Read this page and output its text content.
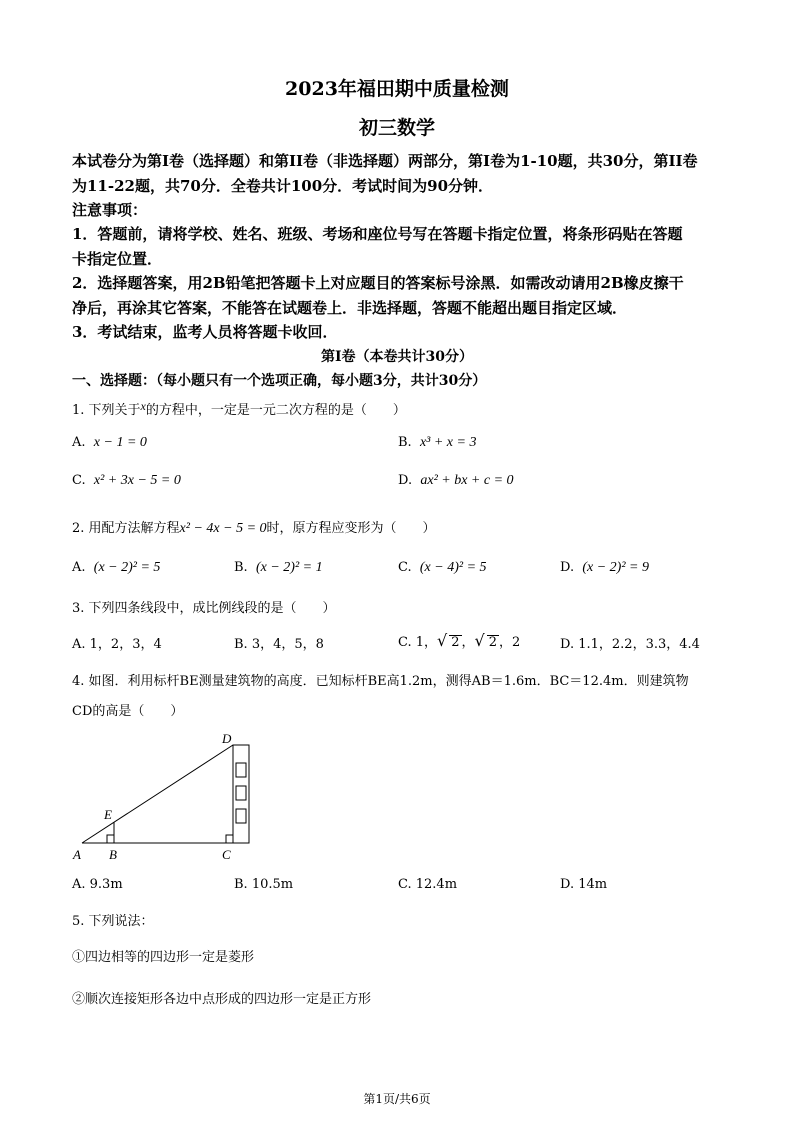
2023年福田期中质量检测
初三数学
本试卷分为第I卷（选择题）和第II卷（非选择题）两部分，第I卷为1-10题，共30分，第II卷
为11-22题，共70分．全卷共计100分．考试时间为90分钟．
注意事项：
1．答题前，请将学校、姓名、班级、考场和座位号写在答题卡指定位置，将条形码贴在答题
卡指定位置．
2．选择题答案，用2B铅笔把答题卡上对应题目的答案标号涂黑．如需改动请用2B橡皮擦干
净后，再涂其它答案，不能答在试题卷上．非选择题，答题不能超出题目指定区域．
3．考试结束，监考人员将答题卡收回．
第I卷（本卷共计30分）
一、选择题：（每小题只有一个选项正确，每小题3分，共计30分）
1. 下列关于x的方程中，一定是一元二次方程的是（　　）
A. x − 1 = 0	B. x³ + x = 3
C. x² + 3x − 5 = 0	D. ax² + bx + c = 0
2. 用配方法解方程x² − 4x − 5 = 0时，原方程应变形为（　　）
A. (x − 2)² = 5	B. (x − 2)² = 1	C. (x − 4)² = 5	D. (x − 2)² = 9
3. 下列四条线段中，成比例线段的是（　　）
A. 1，2，3，4	B. 3，4，5，8	C. 1，√ 2 ，√ 2 ，2	D. 1.1，2.2，3.3，4.4
4. 如图．利用标杆BE测量建筑物的高度．已知标杆BE高1.2m，测得AB＝1.6m．BC＝12.4m．则建筑物
CD的高是（　　）
A B	C
D
E
A. 9.3m	B. 10.5m	C. 12.4m	D. 14m
5. 下列说法：
①四边相等的四边形一定是菱形
②顺次连接矩形各边中点形成的四边形一定是正方形
第1页/共6页
